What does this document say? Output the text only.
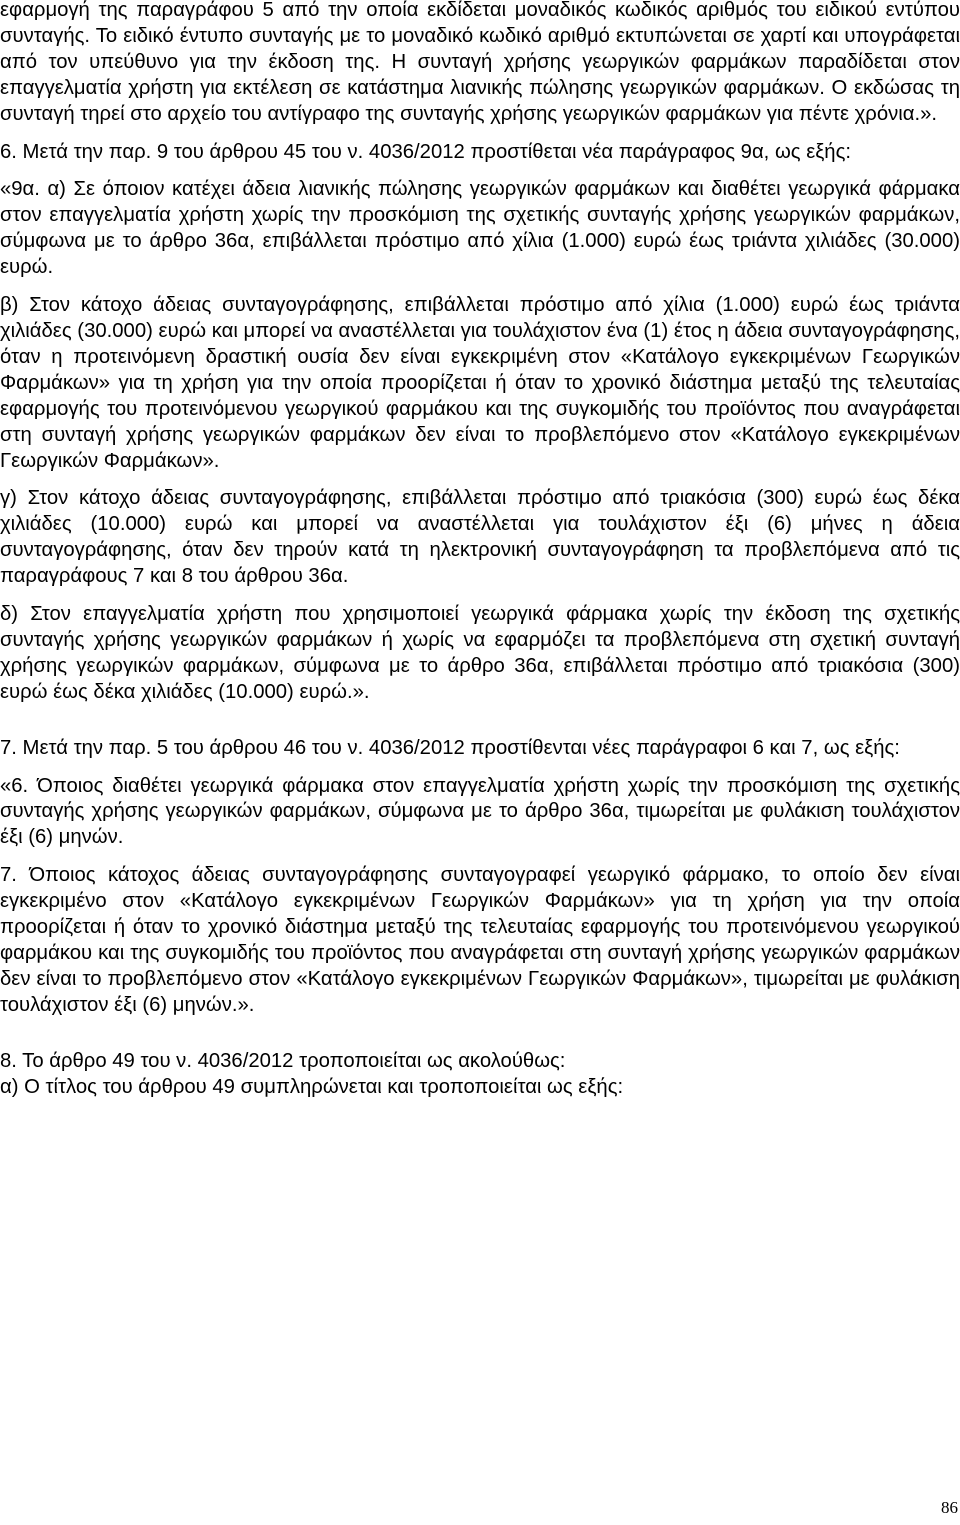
εφαρμογή της παραγράφου 5 από την οποία εκδίδεται μοναδικός κωδικός αριθμός του ειδικού εντύπου συνταγής. Το ειδικό έντυπο συνταγής με το μοναδικό κωδικό αριθμό εκτυπώνεται σε χαρτί και υπογράφεται από τον υπεύθυνο για την έκδοση της. Η συνταγή χρήσης γεωργικών φαρμάκων παραδίδεται στον επαγγελματία χρήστη για εκτέλεση σε κατάστημα λιανικής πώλησης γεωργικών φαρμάκων. Ο εκδώσας τη συνταγή τηρεί στο αρχείο του αντίγραφο της συνταγής χρήσης γεωργικών φαρμάκων για πέντε χρόνια.».

6. Μετά την παρ. 9 του άρθρου 45 του ν. 4036/2012 προστίθεται νέα παράγραφος 9α, ως εξής:

«9α. α) Σε όποιον κατέχει άδεια λιανικής πώλησης γεωργικών φαρμάκων και διαθέτει γεωργικά φάρμακα στον επαγγελματία χρήστη χωρίς την προσκόμιση της σχετικής συνταγής χρήσης γεωργικών φαρμάκων, σύμφωνα με το άρθρο 36α, επιβάλλεται πρόστιμο από χίλια (1.000) ευρώ έως τριάντα χιλιάδες (30.000) ευρώ.

β) Στον κάτοχο άδειας συνταγογράφησης, επιβάλλεται πρόστιμο από χίλια (1.000) ευρώ έως τριάντα χιλιάδες (30.000) ευρώ και μπορεί να αναστέλλεται για τουλάχιστον ένα (1) έτος η άδεια συνταγογράφησης, όταν η προτεινόμενη δραστική ουσία δεν είναι εγκεκριμένη στον «Κατάλογο εγκεκριμένων Γεωργικών Φαρμάκων» για τη χρήση για την οποία προορίζεται ή όταν το χρονικό διάστημα μεταξύ της τελευταίας εφαρμογής του προτεινόμενου γεωργικού φαρμάκου και της συγκομιδής του προϊόντος που αναγράφεται στη συνταγή χρήσης γεωργικών φαρμάκων δεν είναι το προβλεπόμενο στον «Κατάλογο εγκεκριμένων Γεωργικών Φαρμάκων».

γ) Στον κάτοχο άδειας συνταγογράφησης, επιβάλλεται πρόστιμο από τριακόσια (300) ευρώ έως δέκα χιλιάδες (10.000) ευρώ και μπορεί να αναστέλλεται για τουλάχιστον έξι (6) μήνες η άδεια συνταγογράφησης, όταν δεν τηρούν κατά τη ηλεκτρονική συνταγογράφηση τα προβλεπόμενα από τις παραγράφους 7 και 8 του άρθρου 36α.

δ) Στον επαγγελματία χρήστη που χρησιμοποιεί γεωργικά φάρμακα χωρίς την έκδοση της σχετικής συνταγής χρήσης γεωργικών φαρμάκων ή χωρίς να εφαρμόζει τα προβλεπόμενα στη σχετική συνταγή χρήσης γεωργικών φαρμάκων, σύμφωνα με το άρθρο 36α, επιβάλλεται πρόστιμο από τριακόσια (300) ευρώ έως δέκα χιλιάδες (10.000) ευρώ.».

7. Μετά την παρ. 5 του άρθρου 46 του ν. 4036/2012 προστίθενται νέες παράγραφοι 6 και 7, ως εξής:

«6. Όποιος διαθέτει γεωργικά φάρμακα στον επαγγελματία χρήστη χωρίς την προσκόμιση της σχετικής συνταγής χρήσης γεωργικών φαρμάκων, σύμφωνα με το άρθρο 36α, τιμωρείται με φυλάκιση τουλάχιστον έξι (6) μηνών.

7. Όποιος κάτοχος άδειας συνταγογράφησης συνταγογραφεί γεωργικό φάρμακο, το οποίο δεν είναι εγκεκριμένο στον «Κατάλογο εγκεκριμένων Γεωργικών Φαρμάκων» για τη χρήση για την οποία προορίζεται ή όταν το χρονικό διάστημα μεταξύ της τελευταίας εφαρμογής του προτεινόμενου γεωργικού φαρμάκου και της συγκομιδής του προϊόντος που αναγράφεται στη συνταγή χρήσης γεωργικών φαρμάκων δεν είναι το προβλεπόμενο στον «Κατάλογο εγκεκριμένων Γεωργικών Φαρμάκων», τιμωρείται με φυλάκιση τουλάχιστον έξι (6) μηνών.».

8. Το άρθρο 49 του ν. 4036/2012 τροποποιείται ως ακολούθως:

α) Ο τίτλος του άρθρου 49 συμπληρώνεται και τροποποιείται ως εξής:

86
